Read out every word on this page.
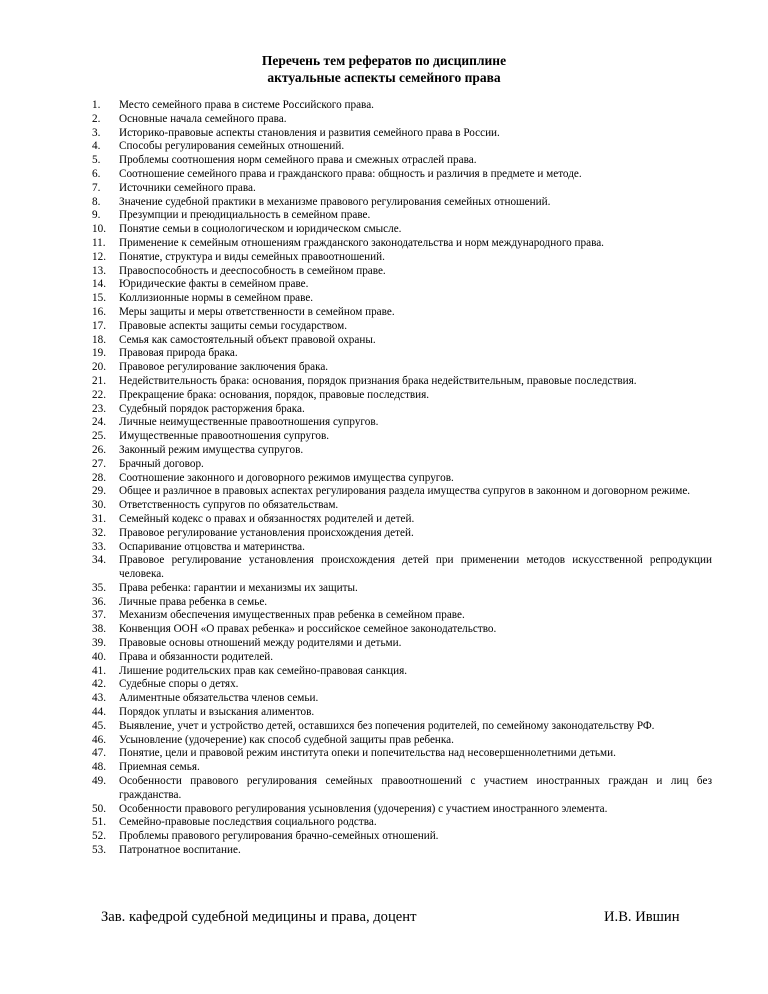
Перечень тем рефератов по дисциплине
актуальные аспекты семейного права
1. Место семейного права в системе Российского права.
2. Основные начала семейного права.
3. Историко-правовые аспекты становления и развития семейного права в России.
4. Способы регулирования семейных отношений.
5. Проблемы соотношения норм семейного права и смежных отраслей права.
6. Соотношение семейного права и гражданского права: общность и различия в предмете и методе.
7. Источники семейного права.
8. Значение судебной практики в механизме правового регулирования семейных отношений.
9. Презумпции и преюдициальность в семейном праве.
10. Понятие семьи в социологическом и юридическом смысле.
11. Применение к семейным отношениям гражданского законодательства и норм международного права.
12. Понятие, структура и виды семейных правоотношений.
13. Правоспособность и дееспособность в семейном праве.
14. Юридические факты в семейном праве.
15. Коллизионные нормы в семейном праве.
16. Меры защиты и меры ответственности в семейном праве.
17. Правовые аспекты защиты семьи государством.
18. Семья как самостоятельный объект правовой охраны.
19. Правовая природа брака.
20. Правовое регулирование заключения брака.
21. Недействительность брака: основания, порядок признания брака недействительным, правовые последствия.
22. Прекращение брака: основания, порядок, правовые последствия.
23. Судебный порядок расторжения брака.
24. Личные неимущественные правоотношения супругов.
25. Имущественные правоотношения супругов.
26. Законный режим имущества супругов.
27. Брачный договор.
28. Соотношение законного и договорного режимов имущества супругов.
29. Общее и различное в правовых аспектах регулирования раздела имущества супругов в законном и договорном режиме.
30. Ответственность супругов по обязательствам.
31. Семейный кодекс о правах и обязанностях родителей и детей.
32. Правовое регулирование установления происхождения детей.
33. Оспаривание отцовства и материнства.
34. Правовое регулирование установления происхождения детей при применении методов искусственной репродукции человека.
35. Права ребенка: гарантии и механизмы их защиты.
36. Личные права ребенка в семье.
37. Механизм обеспечения имущественных прав ребенка в семейном праве.
38. Конвенция ООН «О правах ребенка» и российское семейное законодательство.
39. Правовые основы отношений между родителями и детьми.
40. Права и обязанности родителей.
41. Лишение родительских прав как семейно-правовая санкция.
42. Судебные споры о детях.
43. Алиментные обязательства членов семьи.
44. Порядок уплаты и взыскания алиментов.
45. Выявление, учет и устройство детей, оставшихся без попечения родителей, по семейному законодательству РФ.
46. Усыновление (удочерение) как способ судебной защиты прав ребенка.
47. Понятие, цели и правовой режим института опеки и попечительства над несовершеннолетними детьми.
48. Приемная семья.
49. Особенности правового регулирования семейных правоотношений с участием иностранных граждан и лиц без гражданства.
50. Особенности правового регулирования усыновления (удочерения) с участием иностранного элемента.
51. Семейно-правовые последствия социального родства.
52. Проблемы правового регулирования брачно-семейных отношений.
53. Патронатное воспитание.
Зав. кафедрой судебной медицины и права, доцент	И.В. Ившин
